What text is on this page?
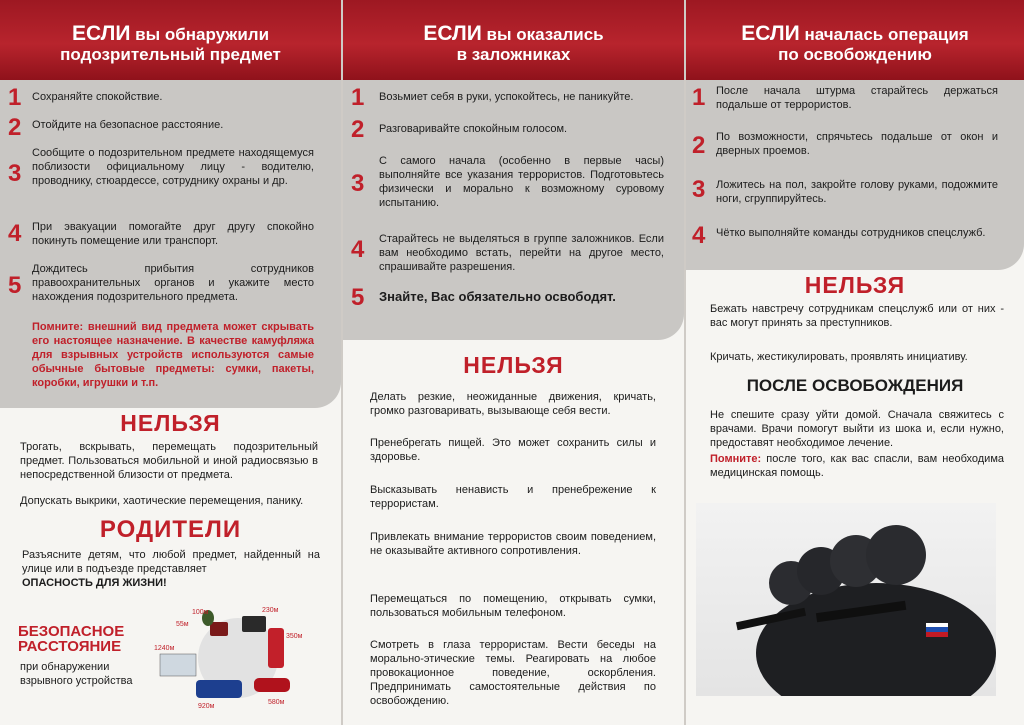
ЕСЛИ вы обнаружили
подозрительный предмет
1 Сохраняйте спокойствие.
2 Отойдите на безопасное расстояние.
3
Сообщите о подозрительном предмете находящемуся поблизости официальному лицу - водителю, проводнику, стюардессе, сотруднику охраны и др.
4 При эвакуации помогайте друг другу спокойно покинуть помещение или транспорт.
5
Дождитесь прибытия сотрудников правоохранительных органов и укажите место нахождения подозрительного предмета.
Помните: внешний вид предмета может скрывать его настоящее назначение. В качестве камуфляжа для взрывных устройств используются самые обычные бытовые предметы: сумки, пакеты, коробки, игрушки и т.п.
НЕЛЬЗЯ
Трогать, вскрывать, перемещать подозрительный предмет. Пользоваться мобильной и иной радиосвязью в непосредственной близости от предмета.
Допускать выкрики, хаотические перемещения, панику.
РОДИТЕЛИ
Разъясните детям, что любой предмет, найденный на улице или в подъезде представляет
ОПАСНОСТЬ ДЛЯ ЖИЗНИ!
БЕЗОПАСНОЕ
РАССТОЯНИЕ
при обнаружении взрывного устройства
100м
55м
230м
350м
1240м
920м
580м
ЕСЛИ вы оказались
в заложниках
1 Возьмиет себя в руки, успокойтесь, не паникуйте.
2 Разговаривайте спокойным голосом.
3
С самого начала (особенно в первые часы) выполняйте все указания террористов. Подготовьтесь физически и морально к возможному суровому испытанию.
4 Старайтесь не выделяться в группе заложников. Если вам необходимо встать, перейти на другое место, спрашивайте разрешения.
5 Знайте, Вас обязательно освободят.
НЕЛЬЗЯ
Делать резкие, неожиданные движения, кричать, громко разговаривать, вызывающе себя вести.
Пренебрегать пищей. Это может сохранить силы и здоровье.
Высказывать ненависть и пренебрежение к террористам.
Привлекать внимание террористов своим поведением, не оказывайте активного сопротивления.
Перемещаться по помещению, открывать сумки, пользоваться мобильным телефоном.
Смотреть в глаза террористам. Вести беседы на морально-этические темы. Реагировать на любое провокационное поведение, оскорбления. Предпринимать самостоятельные действия по освобождению.
ЕСЛИ началась операция
по освобождению
1 После начала штурма старайтесь держаться подальше от террористов.
2 По возможности, спрячьтесь подальше от окон и дверных проемов.
3 Ложитесь на пол, закройте голову руками, подожмите ноги, сгруппируйтесь.
4 Чётко выполняйте команды сотрудников спецслужб.
НЕЛЬЗЯ
Бежать навстречу сотрудникам спецслужб или от них - вас могут принять за преступников.
Кричать, жестикулировать, проявлять инициативу.
ПОСЛЕ ОСВОБОЖДЕНИЯ
Не спешите сразу уйти домой. Сначала свяжитесь с врачами. Врачи помогут выйти из шока и, если нужно, предоставят необходимое лечение.
Помните: после того, как вас спасли, вам необходима медицинская помощь.
